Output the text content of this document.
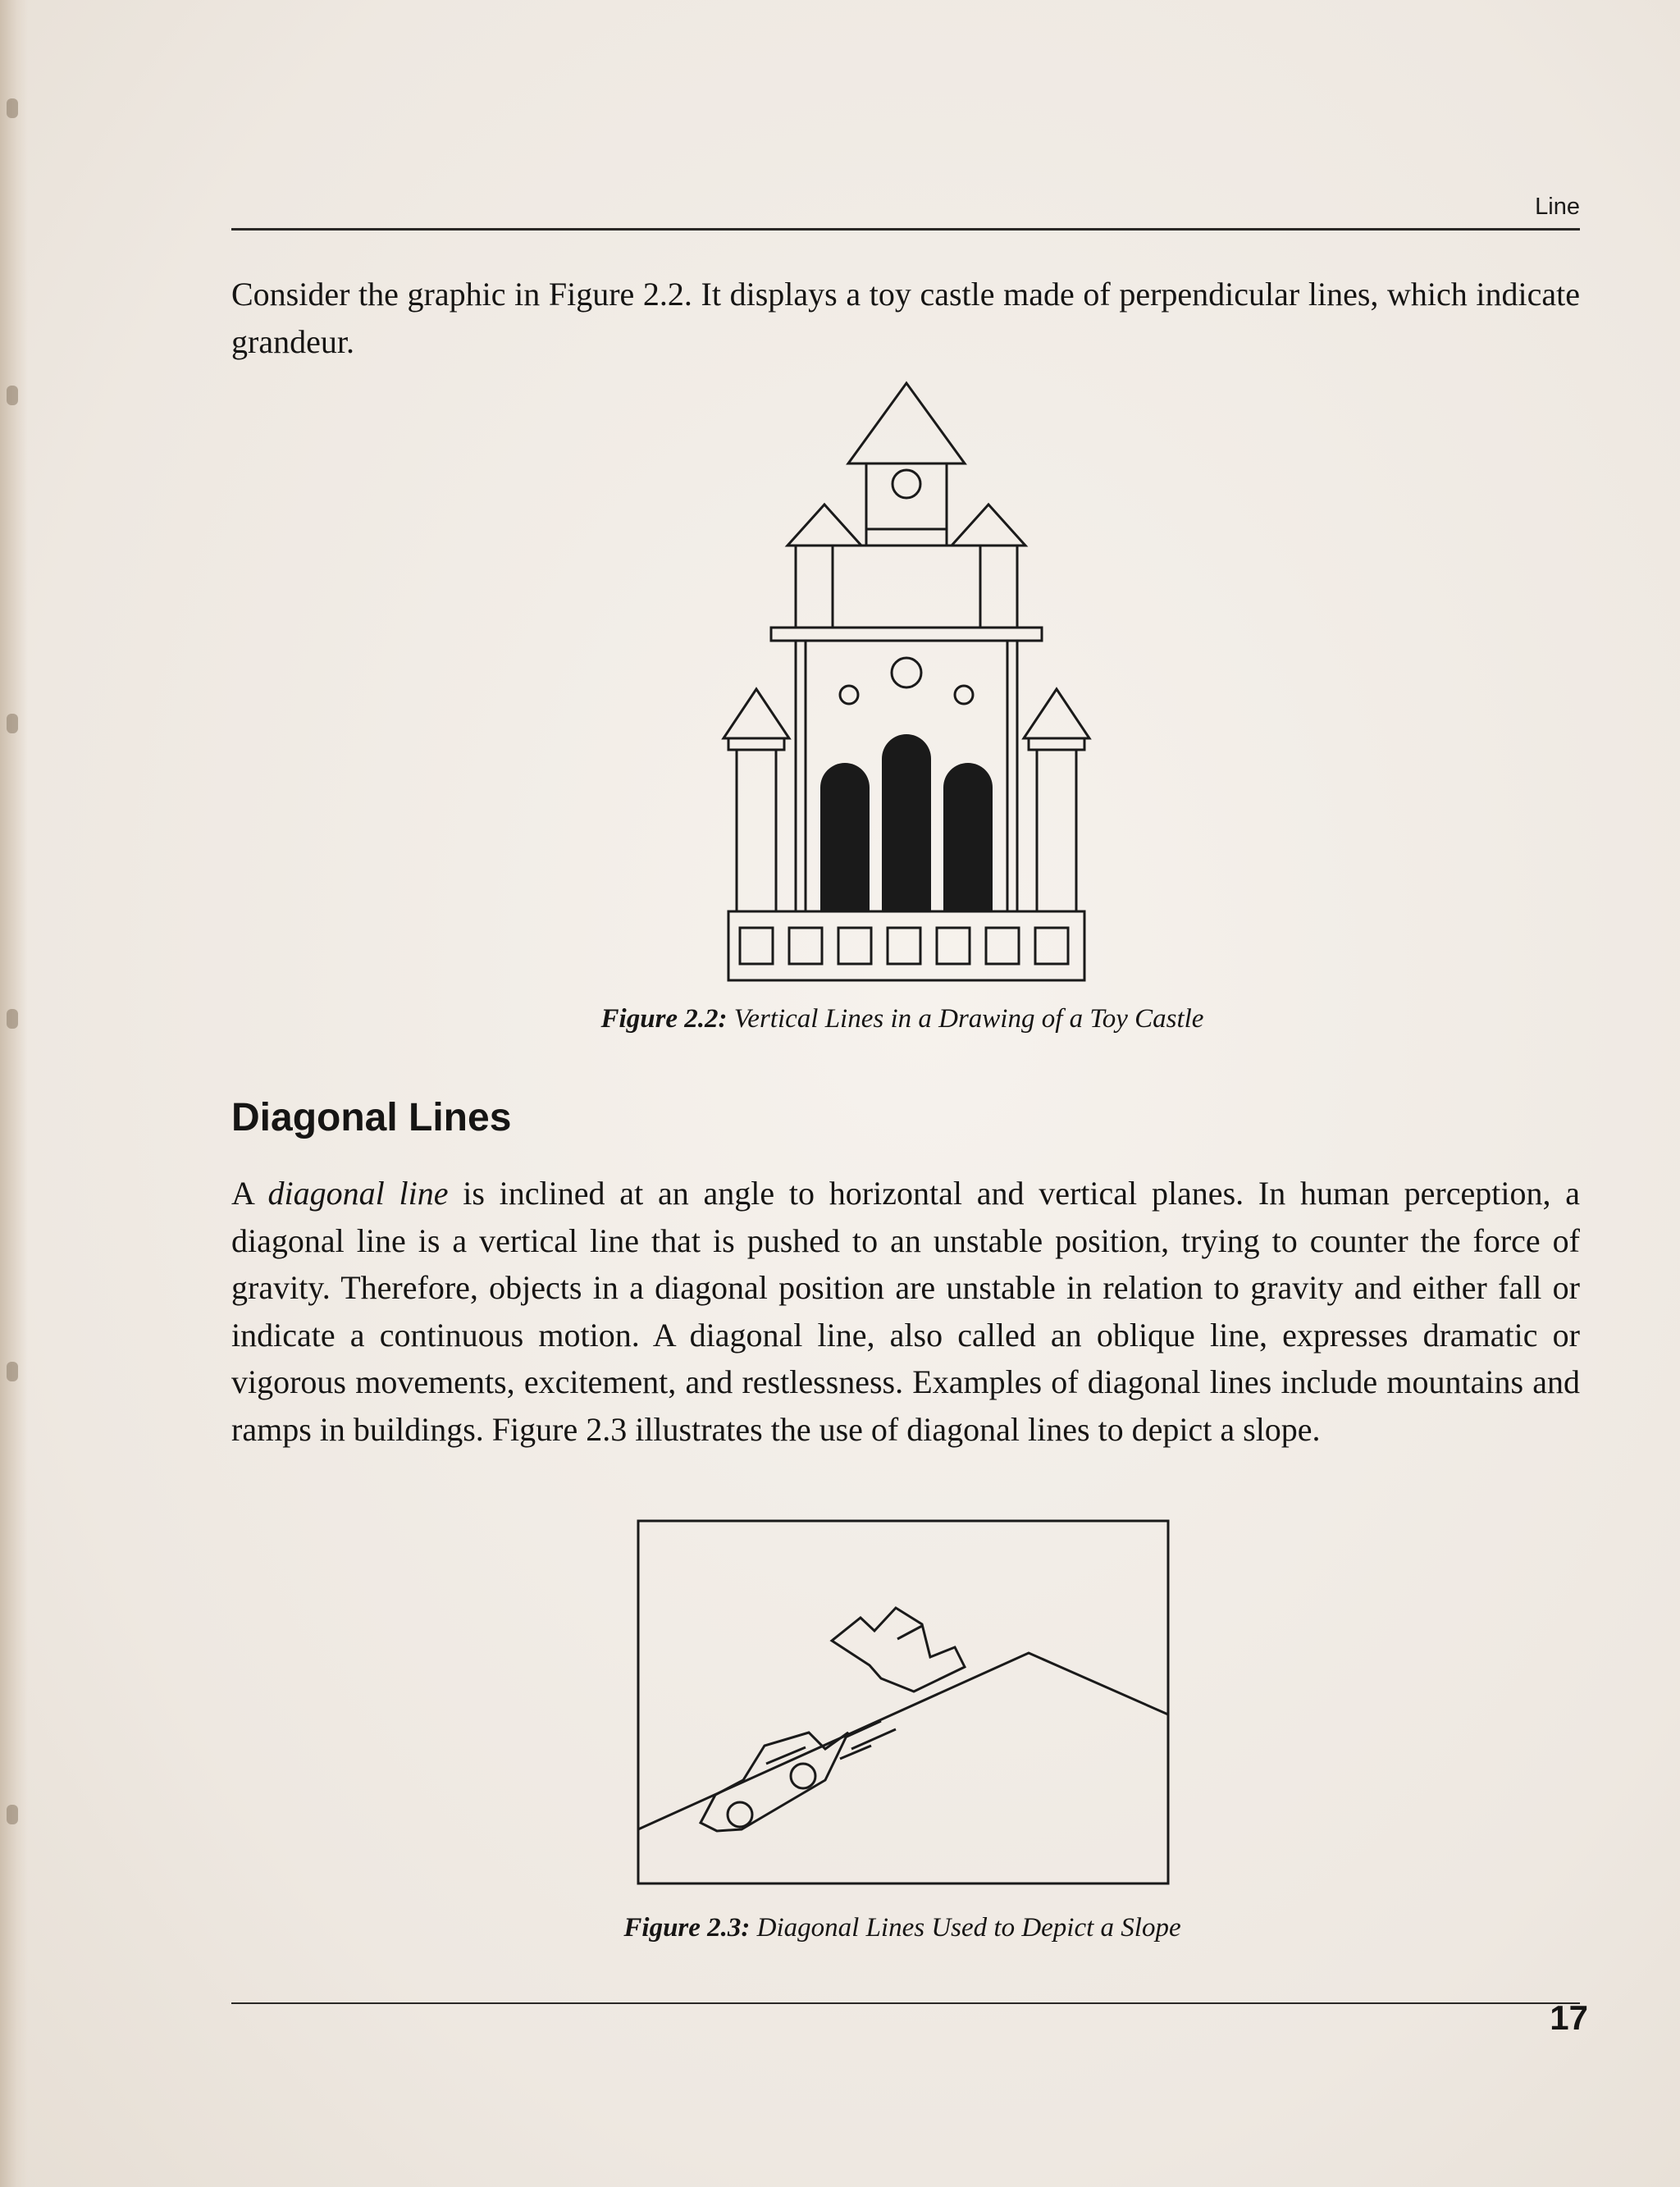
Line

Consider the graphic in Figure 2.2. It displays a toy castle made of perpendicular lines, which indicate grandeur.

Figure 2.2: Vertical Lines in a Drawing of a Toy Castle
Diagonal Lines

A diagonal line is inclined at an angle to horizontal and vertical planes. In human perception, a diagonal line is a vertical line that is pushed to an unstable position, trying to counter the force of gravity. Therefore, objects in a diagonal position are unstable in relation to gravity and either fall or indicate a continuous motion. A diagonal line, also called an oblique line, expresses dramatic or vigorous movements, excitement, and restlessness. Examples of diagonal lines include mountains and ramps in buildings. Figure 2.3 illustrates the use of diagonal lines to depict a slope.

Figure 2.3: Diagonal Lines Used to Depict a Slope
17
